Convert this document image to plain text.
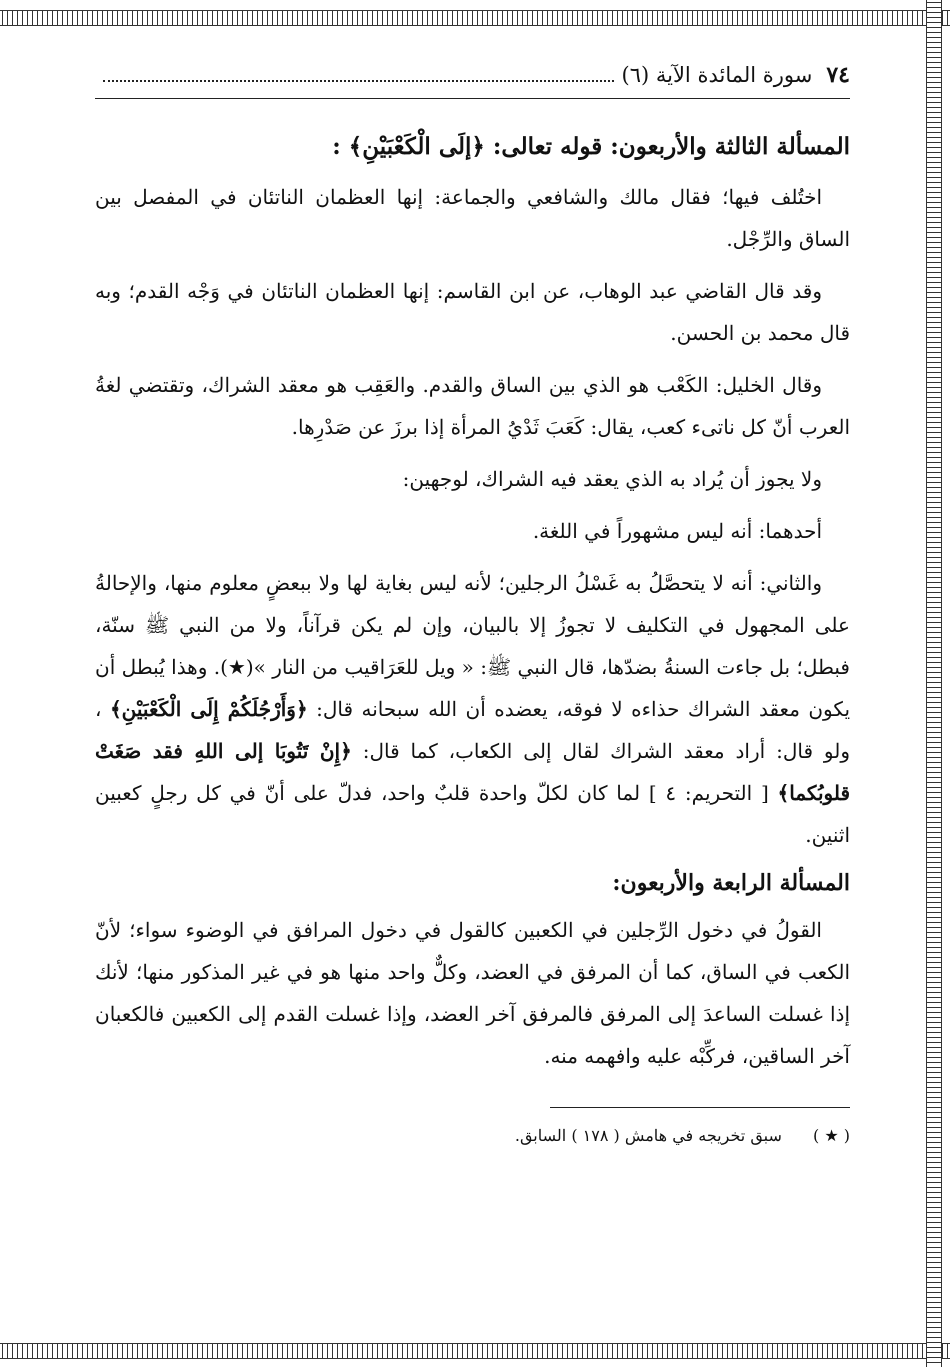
٧٤
سورة المائدة الآية (٦)
المسألة الثالثة والأربعون: قوله تعالى: ﴿إلَى الْكَعْبَيْنِ﴾ :

اختُلف فيها؛ فقال مالك والشافعي والجماعة: إنها العظمان الناتئان في المفصل بين الساق والرِّجْل.

وقد قال القاضي عبد الوهاب، عن ابن القاسم: إنها العظمان الناتئان في وَجْه القدم؛ وبه قال محمد بن الحسن.

وقال الخليل: الكَعْب هو الذي بين الساق والقدم. والعَقِب هو معقد الشراك، وتقتضي لغةُ العرب أنّ كل ناتىء كعب، يقال: كَعَبَ ثَدْيُ المرأة إذا برزَ عن صَدْرِها.

ولا يجوز أن يُراد به الذي يعقد فيه الشراك، لوجهين:

أحدهما: أنه ليس مشهوراً في اللغة.

والثاني: أنه لا يتحصَّلُ به غَسْلُ الرجلين؛ لأنه ليس بغاية لها ولا ببعضٍ معلوم منها، والإحالةُ على المجهول في التكليف لا تجوزُ إلا بالبيان، وإن لم يكن قرآناً، ولا من النبي ﷺ سنّة، فبطل؛ بل جاءت السنةُ بضدّها، قال النبي ﷺ: « ويل للعَرَاقيب من النار »(★). وهذا يُبطل أن يكون معقد الشراك حذاءه لا فوقه، يعضده أن الله سبحانه قال: ﴿وَأَرْجُلَكُمْ إِلَى الْكَعْبَيْنِ﴾ ، ولو قال: أراد معقد الشراك لقال إلى الكعاب، كما قال: ﴿إِنْ تَتُوبَا إلى اللهِ فقد صَغَتْ قلوبُكما﴾ [ التحريم: ٤ ] لما كان لكلّ واحدة قلبٌ واحد، فدلّ على أنّ في كل رجلٍ كعبين اثنين.

المسألة الرابعة والأربعون:

القولُ في دخول الرِّجلين في الكعبين كالقول في دخول المرافق في الوضوء سواء؛ لأنّ الكعب في الساق، كما أن المرفق في العضد، وكلٌّ واحد منها هو في غير المذكور منها؛ لأنك إذا غسلت الساعدَ إلى المرفق فالمرفق آخر العضد، وإذا غسلت القدم إلى الكعبين فالكعبان آخر الساقين، فركِّبْه عليه وافهمه منه.

( ★ ) سبق تخريجه في هامش ( ١٧٨ ) السابق.
